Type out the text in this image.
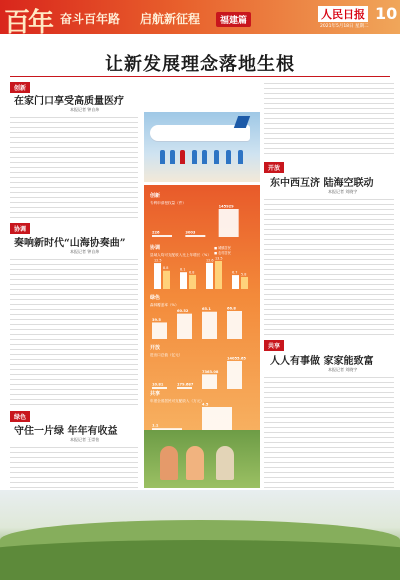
百年 奋斗百年路 启航新征程	福建篇	人民日报 10
2021年5月18日 星期二
让新发展理念落地生根
创新
在家门口享受高质量医疗
本报记者 钟自炜
协调
奏响新时代“山海协奏曲”
本报记者 钟自炜
绿色
守住一片绿 年年有收益
本报记者 王崇怡
创新
专利申请授权量（件）
226	3003
145929
协调
县域人均可支配收入比上年增长（%）
12.5
8.1
12.6
6.7
■ 城镇居民
8.8
6.8
13.5
5.8
■ 农村居民
绿色
森林覆盖率（%）
39.5
60.52	65.1	66.8
开放
进出口总值（亿元）
10.81	179.687
7363.08
14055.65
共享
年度全省居民可支配收入（万元）
1.1
4.5
开放
东中西互济 陆海空联动
本报记者 刘晓宇
共享
人人有事做 家家能致富
本报记者 刘晓宇
